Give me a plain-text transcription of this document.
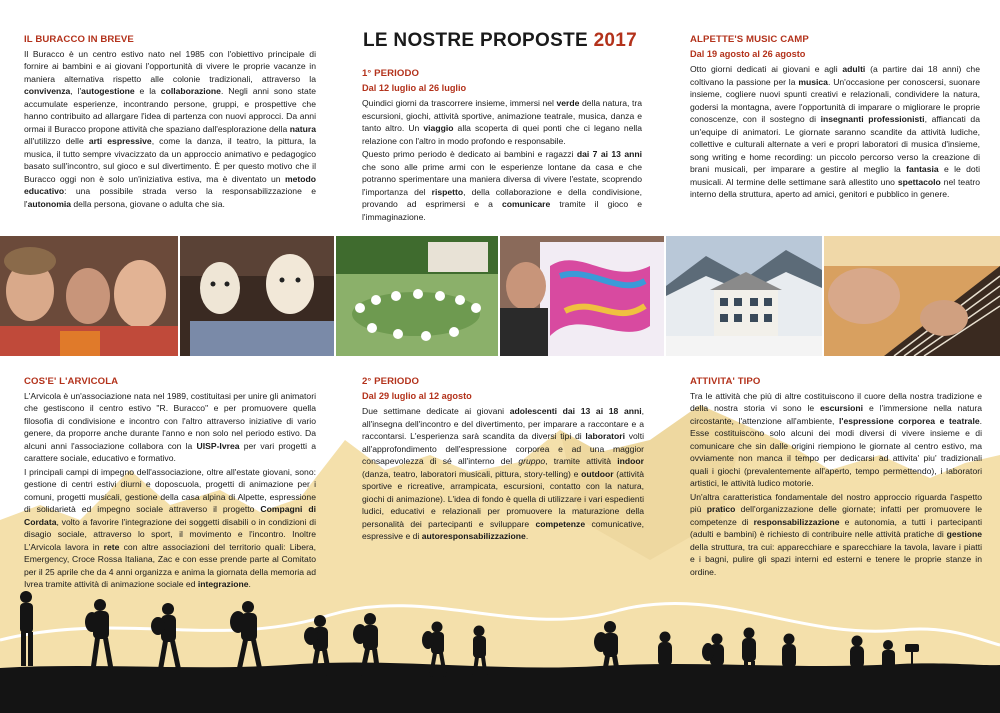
LE NOSTRE PROPOSTE 2017
IL BURACCO IN BREVE

Il Buracco è un centro estivo nato nel 1985 con l'obiettivo principale di fornire ai bambini e ai giovani l'opportunità di vivere le proprie vacanze in maniera alternativa rispetto alle colonie tradizionali, attraverso la convivenza, l'autogestione e la collaborazione. Negli anni sono state accumulate esperienze, incontrando persone, gruppi, e prospettive che hanno contribuito ad allargare l'idea di partenza con nuovi approcci. Da anni ormai il Buracco propone attività che spaziano dall'esplorazione della natura all'utilizzo delle arti espressive, come la danza, il teatro, la pittura, la musica, il tutto sempre vivacizzato da un approccio animativo e pedagogico basato sull'incontro, sul gioco e sul divertimento. È per questo motivo che il Buracco oggi non è solo un'iniziativa estiva, ma è diventato un metodo educativo: una possibile strada verso la responsabilizzazione e l'autonomia della persona, giovane o adulta che sia.

1° PERIODO
Dal 12 luglio al 26 luglio

Quindici giorni da trascorrere insieme, immersi nel verde della natura, tra escursioni, giochi, attività sportive, animazione teatrale, musica, danza e tanto altro. Un viaggio alla scoperta di quei ponti che ci legano nella relazione con l'altro in modo profondo e responsabile.

Questo primo periodo è dedicato ai bambini e ragazzi dai 7 ai 13 anni che sono alle prime armi con le esperienze lontane da casa e che potranno sperimentare una maniera diversa di vivere l'estate, scoprendo l'importanza del rispetto, della collaborazione e della condivisione, provando ad esprimersi e a comunicare tramite il gioco e l'immaginazione.

ALPETTE'S MUSIC CAMP
Dal 19 agosto al 26 agosto

Otto giorni dedicati ai giovani e agli adulti (a partire dai 18 anni) che coltivano la passione per la musica. Un'occasione per conoscersi, suonare insieme, cogliere nuovi spunti creativi e relazionali, condividere la natura, godersi la montagna, avere l'opportunità di imparare o migliorare le proprie conoscenze, con il sostegno di insegnanti professionisti, affiancati da un'equipe di animatori. Le giornate saranno scandite da attività ludiche, collettive e culturali alternate a veri e propri laboratori di musica d'insieme, song writing e home recording: un piccolo percorso verso la creazione di brani musicali, per imparare a gestire al meglio la fantasia e le doti musicali. Al termine delle settimane sarà allestito uno spettacolo nel teatro interno della struttura, aperto ad amici, genitori e pubblico in genere.

COS'E' L'ARVICOLA

L'Arvicola è un'associazione nata nel 1989, costituitasi per unire gli animatori che gestiscono il centro estivo "R. Buracco" e per promuovere quella filosofia di condivisione e incontro con l'altro attraverso iniziative di vario genere, da proporre anche durante l'anno e non solo nel periodo estivo. Da alcuni anni l'associazione collabora con la UISP-Ivrea per vari progetti a carattere sociale, educativo e formativo.

I principali campi di impegno dell'associazione, oltre all'estate giovani, sono: gestione di centri estivi diurni e doposcuola, progetti di animazione per i comuni, progetti musicali, gestione della casa alpina di Alpette, espressione di solidarietà ed impegno sociale attraverso il progetto Compagni di Cordata, volto a favorire l'integrazione dei soggetti disabili o in condizioni di disagio sociale, attraverso lo sport, il movimento e l'incontro. Inoltre L'Arvicola lavora in rete con altre associazioni del territorio quali: Libera, Emergency, Croce Rossa Italiana, Zac e con esse prende parte al Comitato per il 25 aprile che da 4 anni organizza e anima la giornata della memoria ad Ivrea tramite attività di animazione sociale ed integrazione.

2° PERIODO
Dal 29 luglio al 12 agosto

Due settimane dedicate ai giovani adolescenti dai 13 ai 18 anni, all'insegna dell'incontro e del divertimento, per imparare a raccontare e a raccontarsi. L'esperienza sarà scandita da diversi tipi di laboratori volti all'approfondimento dell'espressione corporea e ad una maggior consapevolezza di sé all'interno del gruppo, tramite attività indoor (danza, teatro, laboratori musicali, pittura, story-telling) e outdoor (attività sportive e ricreative, arrampicata, escursioni, contatto con la natura, giochi di animazione). L'idea di fondo è quella di utilizzare i vari espedienti ludici, educativi e relazionali per promuovere la maturazione della personalità dei partecipanti e sviluppare competenze comunicative, espressive e di autoresponsabilizzazione.

ATTIVITA' TIPO

Tra le attività che più di altre costituiscono il cuore della nostra tradizione e della nostra storia vi sono le escursioni e l'immersione nella natura circostante, l'attenzione all'ambiente, l'espressione corporea e teatrale. Esse costituiscono solo alcuni dei modi diversi di vivere insieme e di comunicare che sin dalle origini riempiono le giornate al centro estivo, ma ovviamente non manca il tempo per dedicarsi ad attivita' piu' tradizionali quali i giochi (prevalentemente all'aperto, tempo permettendo), i laboratori artistici, le attività ludico motorie.

Un'altra caratteristica fondamentale del nostro approccio riguarda l'aspetto più pratico dell'organizzazione delle giornate; infatti per promuovere le competenze di responsabilizzazione e autonomia, a tutti i partecipanti (adulti e bambini) è richiesto di contribuire nelle attività pratiche di gestione della struttura, tra cui: apparecchiare e sparecchiare la tavola, lavare i piatti e i bagni, pulire gli spazi interni ed esterni e tenere le proprie stanze in ordine.
